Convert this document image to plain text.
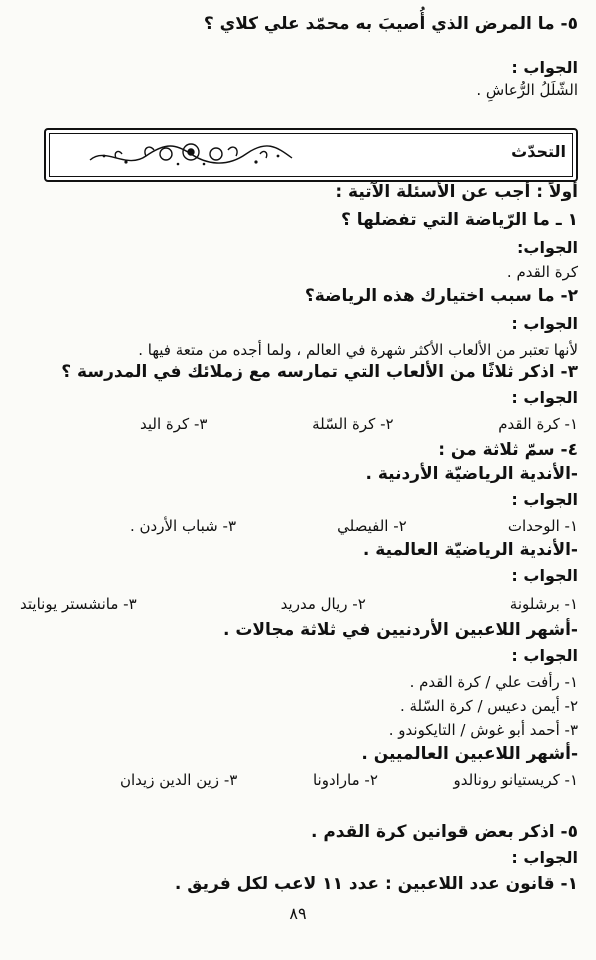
٥- ما المرض الذي أُصيبَ به محمّد علي كلاي ؟
الجواب :
الشّلَلُ الرُّعاشِ .
التحدّث
أولاً : أجب عن الأسئلة الآتية :
١ ـ ما الرّياضة التي تفضلها ؟
الجواب:
كرة القدم .
٢- ما سبب اختيارك هذه الرياضة؟
الجواب :
لأنها تعتبر من الألعاب الأكثر شهرة في العالم ، ولما أجده من متعة فيها .
٣- اذكر ثلاثًا من الألعاب التي تمارسه مع زملائك في المدرسة ؟
الجواب :
١- كرة القدم
٢- كرة السّلة
٣- كرة اليد
٤- سمّ ثلاثة من :
-الأندية الرياضيّة الأردنية .
الجواب :
١- الوحدات
٢- الفيصلي
٣- شباب الأردن .
-الأندية الرياضيّة العالمية .
الجواب :
١- برشلونة
٢- ريال مدريد
٣- مانشستر يونايتد
-أشهر اللاعبين الأردنيين في ثلاثة مجالات .
الجواب :
١- رأفت علي / كرة القدم .
٢- أيمن دعيس / كرة السّلة .
٣- أحمد أبو غوش / التايكوندو .
-أشهر اللاعبين العالميين .
١- كريستيانو رونالدو
٢- مارادونا
٣- زين الدين زيدان
٥- اذكر بعض قوانين كرة القدم .
الجواب :
١- قانون عدد اللاعبين : عدد ١١ لاعب لكل فريق .
٨٩
